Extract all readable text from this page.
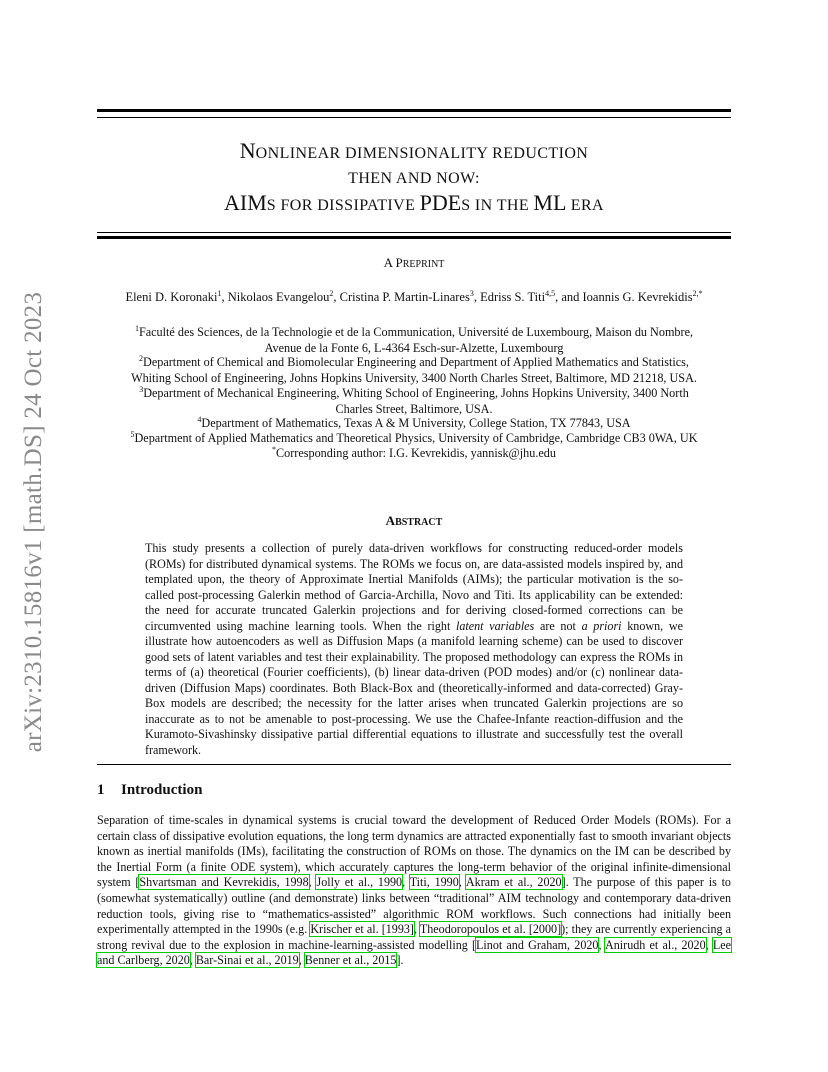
arXiv:2310.15816v1 [math.DS] 24 Oct 2023
NONLINEAR DIMENSIONALITY REDUCTION
THEN AND NOW:
AIMS FOR DISSIPATIVE PDES IN THE ML ERA
A PREPRINT
Eleni D. Koronaki$^1$, Nikolaos Evangelou$^2$, Cristina P. Martin-Linares$^3$, Edriss S. Titi$^{4,5}$, and Ioannis G. Kevrekidis$^{2,*}$
$^1$Faculté des Sciences, de la Technologie et de la Communication, Université de Luxembourg, Maison du Nombre,
Avenue de la Fonte 6, L-4364 Esch-sur-Alzette, Luxembourg
$^2$Department of Chemical and Biomolecular Engineering and Department of Applied Mathematics and Statistics,
Whiting School of Engineering, Johns Hopkins University, 3400 North Charles Street, Baltimore, MD 21218, USA.
$^3$Department of Mechanical Engineering, Whiting School of Engineering, Johns Hopkins University, 3400 North
Charles Street, Baltimore, USA.
$^4$Department of Mathematics, Texas A & M University, College Station, TX 77843, USA
$^5$Department of Applied Mathematics and Theoretical Physics, University of Cambridge, Cambridge CB3 0WA, UK
*Corresponding author: I.G. Kevrekidis, yannisk@jhu.edu
ABSTRACT
This study presents a collection of purely data-driven workflows for constructing reduced-order models (ROMs) for distributed dynamical systems. The ROMs we focus on, are data-assisted models inspired by, and templated upon, the theory of Approximate Inertial Manifolds (AIMs); the particular motivation is the so-called post-processing Galerkin method of Garcia-Archilla, Novo and Titi. Its applicability can be extended: the need for accurate truncated Galerkin projections and for deriving closed-formed corrections can be circumvented using machine learning tools. When the right latent variables are not a priori known, we illustrate how autoencoders as well as Diffusion Maps (a manifold learning scheme) can be used to discover good sets of latent variables and test their explainability. The proposed methodology can express the ROMs in terms of (a) theoretical (Fourier coefficients), (b) linear data-driven (POD modes) and/or (c) nonlinear data-driven (Diffusion Maps) coordinates. Both Black-Box and (theoretically-informed and data-corrected) Gray-Box models are described; the necessity for the latter arises when truncated Galerkin projections are so inaccurate as to not be amenable to post-processing. We use the Chafee-Infante reaction-diffusion and the Kuramoto-Sivashinsky dissipative partial differential equations to illustrate and successfully test the overall framework.
1 Introduction
Separation of time-scales in dynamical systems is crucial toward the development of Reduced Order Models (ROMs). For a certain class of dissipative evolution equations, the long term dynamics are attracted exponentially fast to smooth invariant objects known as inertial manifolds (IMs), facilitating the construction of ROMs on those. The dynamics on the IM can be described by the Inertial Form (a finite ODE system), which accurately captures the long-term behavior of the original infinite-dimensional system [Shvartsman and Kevrekidis, 1998, Jolly et al., 1990, Titi, 1990, Akram et al., 2020]. The purpose of this paper is to (somewhat systematically) outline (and demonstrate) links between “traditional” AIM technology and contemporary data-driven reduction tools, giving rise to “mathematics-assisted” algorithmic ROM workflows. Such connections had initially been experimentally attempted in the 1990s (e.g. Krischer et al. [1993], Theodoropoulos et al. [2000]); they are currently experiencing a strong revival due to the explosion in machine-learning-assisted modelling [Linot and Graham, 2020, Anirudh et al., 2020, Lee and Carlberg, 2020, Bar-Sinai et al., 2019, Benner et al., 2015].
